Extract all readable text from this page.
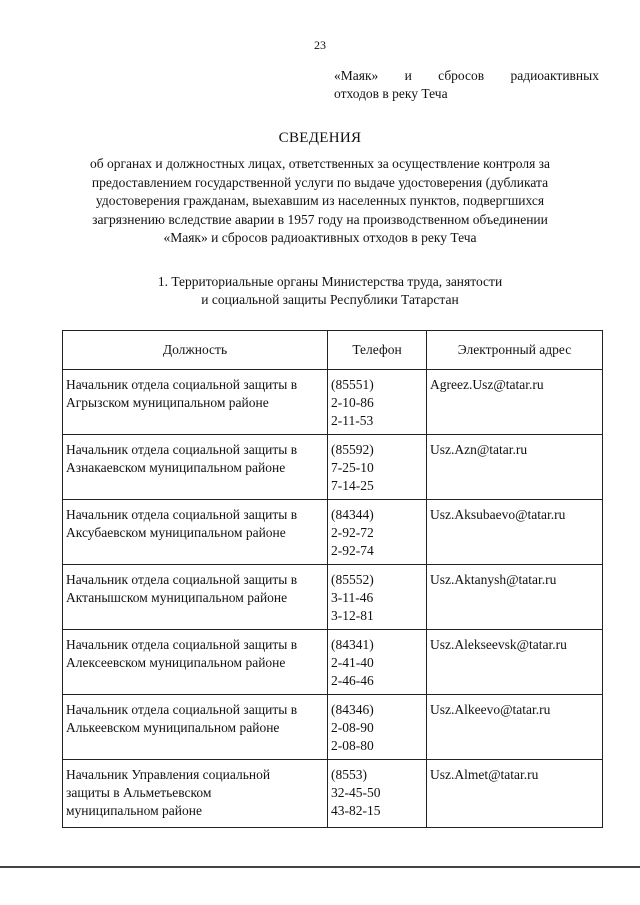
23
«Маяк» и сбросов радиоактивных
отходов в реку Теча
СВЕДЕНИЯ
об органах и должностных лицах, ответственных за осуществление контроля за
предоставлением государственной услуги по выдаче удостоверения (дубликата
удостоверения гражданам, выехавшим из населенных пунктов, подвергшихся
загрязнению вследствие аварии в 1957 году на производственном объединении
«Маяк» и сбросов радиоактивных отходов в реку Теча
1. Территориальные органы Министерства труда, занятости
и социальной защиты Республики Татарстан
Должность	Телефон	Электронный адрес

Начальник отдела социальной защиты в
Агрызском муниципальном районе	(85551)
2-10-86
2-11-53	Agreez.Usz@tatar.ru

Начальник отдела социальной защиты в
Азнакаевском муниципальном районе	(85592)
7-25-10
7-14-25	Usz.Azn@tatar.ru

Начальник отдела социальной защиты в
Аксубаевском муниципальном районе	(84344)
2-92-72
2-92-74	Usz.Aksubaevo@tatar.ru

Начальник отдела социальной защиты в
Актанышском муниципальном районе	(85552)
3-11-46
3-12-81	Usz.Aktanysh@tatar.ru

Начальник отдела социальной защиты в
Алексеевском муниципальном районе	(84341)
2-41-40
2-46-46	Usz.Alekseevsk@tatar.ru

Начальник отдела социальной защиты в
Алькеевском муниципальном районе	(84346)
2-08-90
2-08-80	Usz.Alkeevo@tatar.ru

Начальник Управления социальной
защиты в Альметьевском
муниципальном районе	(8553)
32-45-50
43-82-15	Usz.Almet@tatar.ru
